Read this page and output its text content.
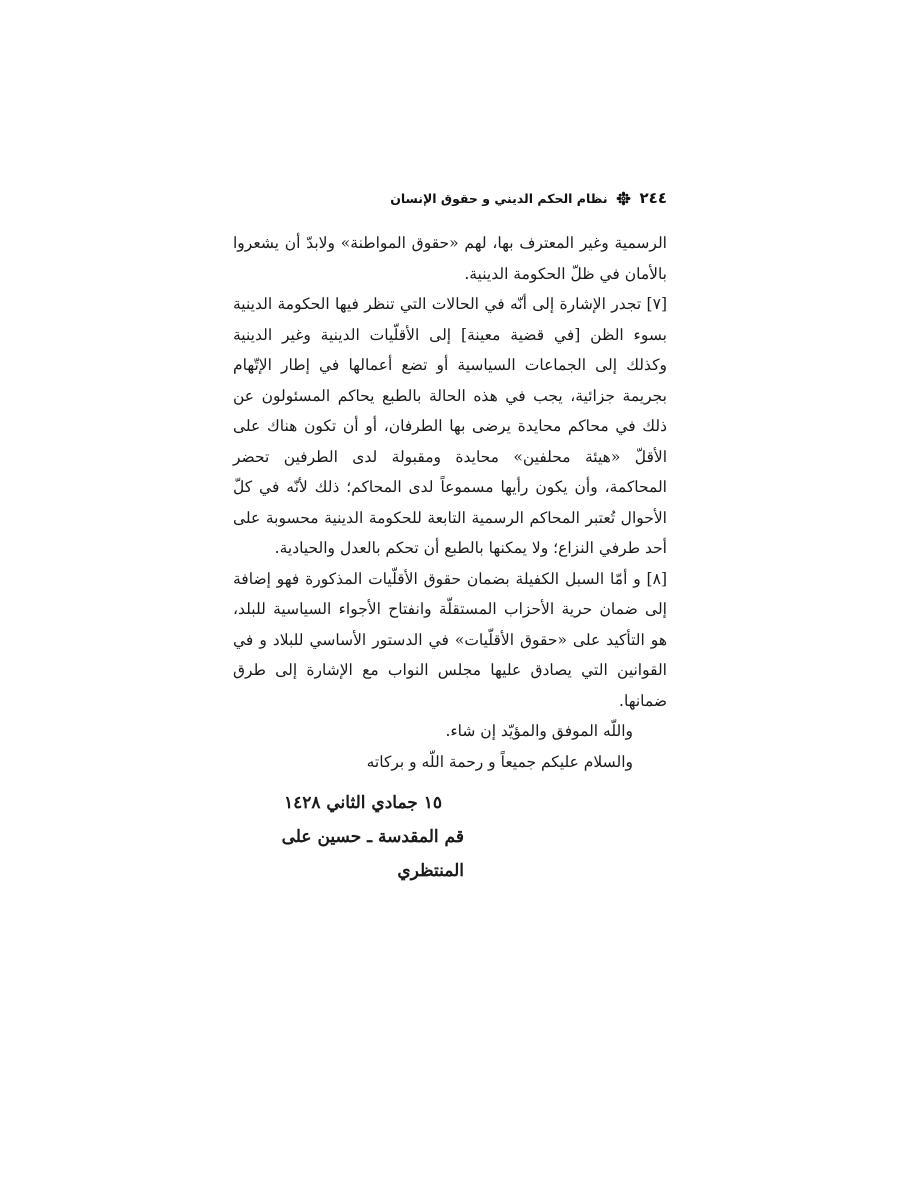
٢٤٤
نظام الحكم الديني و حقوق الإنسان

الرسمية وغير المعترف بها، لهم «حقوق المواطنة» ولابدّ أن يشعروا بالأمان في ظلّ الحكومة الدينية.

[٧] تجدر الإشارة إلى أنّه في الحالات التي تنظر فيها الحكومة الدينية بسوء الظن [في قضية معينة] إلى الأقلّيات الدينية وغير الدينية وكذلك إلى الجماعات السياسية أو تضع أعمالها في إطار الإتّهام بجريمة جزائية، يجب في هذه الحالة بالطبع يحاكم المسئولون عن ذلك في محاكم محايدة يرضى بها الطرفان، أو أن تكون هناك على الأقلّ «هيئة محلفين» محايدة ومقبولة لدى الطرفين تحضر المحاكمة، وأن يكون رأيها مسموعاً لدى المحاكم؛ ذلك لأنّه في كلّ الأحوال تُعتبر المحاكم الرسمية التابعة للحكومة الدينية محسوبة على أحد طرفي النزاع؛ ولا يمكنها بالطبع أن تحكم بالعدل والحيادية.

[٨] و أمّا السبل الكفيلة بضمان حقوق الأقلّيات المذكورة فهو إضافة إلى ضمان حرية الأحزاب المستقلّة وانفتاح الأجواء السياسية للبلد، هو التأكيد على «حقوق الأقلّيات» في الدستور الأساسي للبلاد و في القوانين التي يصادق عليها مجلس النواب مع الإشارة إلى طرق ضمانها.

واللّه الموفق والمؤيّد إن شاء.

والسلام عليكم جميعاً و رحمة اللّه و بركاته

١٥ جمادي الثاني ١٤٢٨
قم المقدسة ـ حسين على المنتظري
